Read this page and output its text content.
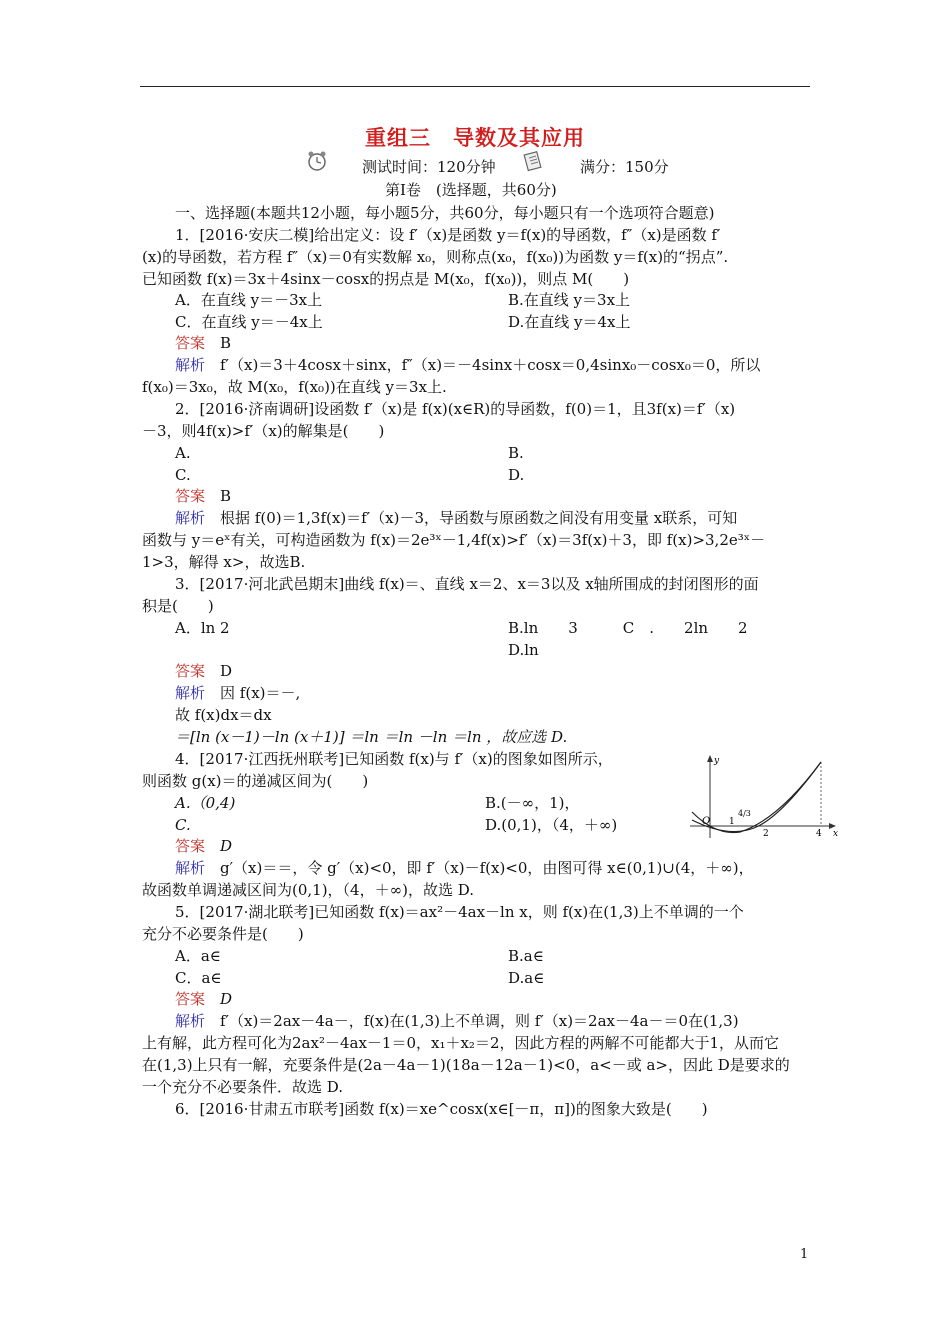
重组三　导数及其应用
测试时间：120分钟	满分：150分
第Ⅰ卷　(选择题，共60分)
一、选择题(本题共12小题，每小题5分，共60分，每小题只有一个选项符合题意)
1．[2016·安庆二模]给出定义：设 f′（x)是函数 y＝f(x)的导函数，f″（x)是函数 f′
(x)的导函数，若方程 f″（x)＝0有实数解 x₀，则称点(x₀，f(x₀))为函数 y＝f(x)的“拐点”.
已知函数 f(x)＝3x＋4sinx－cosx的拐点是 M(x₀，f(x₀))，则点 M(　　)
A．在直线 y＝－3x上	B.在直线 y＝3x上
C．在直线 y＝－4x上	D.在直线 y＝4x上
答案　 B
解析　 f′（x)＝3＋4cosx＋sinx，f″（x)＝－4sinx＋cosx＝0,4sinx₀－cosx₀＝0，所以
f(x₀)＝3x₀，故 M(x₀，f(x₀))在直线 y＝3x上.
2．[2016·济南调研]设函数 f′（x)是 f(x)(x∈R)的导函数，f(0)＝1，且3f(x)＝f′（x)
－3，则4f(x)>f′（x)的解集是(　　)
A.	B.
C.	D.
答案　 B
解析　 根据 f(0)＝1,3f(x)＝f′（x)－3，导函数与原函数之间没有用变量 x联系，可知
函数与 y＝eˣ有关，可构造函数为 f(x)＝2e³ˣ－1,4f(x)>f′（x)＝3f(x)＋3，即 f(x)>3,2e³ˣ－
1>3，解得 x>，故选B.
3．[2017·河北武邑期末]曲线 f(x)＝、直线 x＝2、x＝3以及 x轴所围成的封闭图形的面
积是(　　)
A．ln 2	B.ln　　3　　　C　.　　2ln　　2
D.ln
答案　 D
解析　 因 f(x)＝－,
故 f(x)dx＝dx
＝[ln (x－1)－ln (x＋1)] ＝ln ＝ln －ln ＝ln ，故应选 D.
4．[2017·江西抚州联考]已知函数 f(x)与 f′（x)的图象如图所示，
则函数 g(x)＝的递减区间为(　　)
A.（0,4)	B.(－∞，1)，
C.	D.(0,1)，（4，＋∞)
答案　 D
解析　 g′（x)＝＝，令 g′（x)<0，即 f′（x)－f(x)<0，由图可得 x∈(0,1)∪(4，＋∞)，
故函数单调递减区间为(0,1)，（4，＋∞)，故选 D.
y
x
O 1
4/3
2	4
5．[2017·湖北联考]已知函数 f(x)＝ax²－4ax－ln x，则 f(x)在(1,3)上不单调的一个
充分不必要条件是(　　)
A．a∈	B.a∈
C．a∈	D.a∈
答案　 D
解析　 f′（x)＝2ax－4a－，f(x)在(1,3)上不单调，则 f′（x)＝2ax－4a－＝0在(1,3)
上有解，此方程可化为2ax²－4ax－1＝0，x₁＋x₂＝2，因此方程的两解不可能都大于1，从而它
在(1,3)上只有一解，充要条件是(2a－4a－1)(18a－12a－1)<0，a<－或 a>，因此 D是要求的
一个充分不必要条件．故选 D.
6．[2016·甘肃五市联考]函数 f(x)＝xe^cosx(x∈[－π，π])的图象大致是(　　)
1
